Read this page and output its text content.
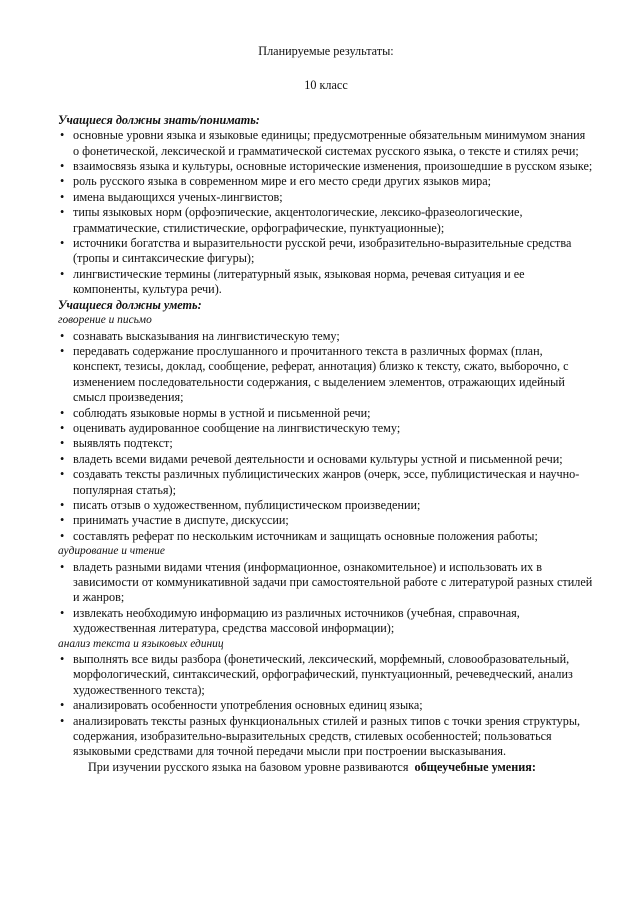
Планируемые результаты:

10 класс

Учащиеся должны знать/понимать:

• основные уровни языка и языковые единицы; предусмотренные обязательным минимумом знания о фонетической, лексической и грамматической системах русского языка, о тексте и стилях речи;
• взаимосвязь языка и культуры, основные исторические изменения, произошедшие в русском языке;
• роль русского языка в современном мире и его место среди других языков мира;
• имена выдающихся ученых-лингвистов;
• типы языковых норм (орфоэпические, акцентологические, лексико-фразеологические, грамматические, стилистические, орфографические, пунктуационные);
• источники богатства и выразительности русской речи, изобразительно-выразительные средства (тропы и синтаксические фигуры);
• лингвистические термины (литературный язык, языковая норма, речевая ситуация и ее компоненты, культура речи).

Учащиеся должны уметь:

говорение и письмо

• сознавать высказывания на лингвистическую тему;
• передавать содержание прослушанного и прочитанного текста в различных формах (план, конспект, тезисы, доклад, сообщение, реферат, аннотация) близко к тексту, сжато, выборочно, с изменением последовательности содержания, с выделением элементов, отражающих идейный смысл произведения;
• соблюдать языковые нормы в устной и письменной речи;
• оценивать аудированное сообщение на лингвистическую тему;
• выявлять подтекст;
• владеть всеми видами речевой деятельности и основами культуры устной и письменной речи;
• создавать тексты различных публицистических жанров (очерк, эссе, публицистическая и научно-популярная статья);
• писать отзыв о художественном, публицистическом произведении;
• принимать участие в диспуте, дискуссии;
• составлять реферат по нескольким источникам и защищать основные положения работы;

аудирование и чтение

• владеть разными видами чтения (информационное, ознакомительное) и использовать их в зависимости от коммуникативной задачи при самостоятельной работе с литературой разных стилей и жанров;
• извлекать необходимую информацию из различных источников (учебная, справочная, художественная литература, средства массовой информации);

анализ текста и языковых единиц

• выполнять все виды разбора (фонетический, лексический, морфемный, словообразовательный, морфологический, синтаксический, орфографический, пунктуационный, речеведческий, анализ художественного текста);
• анализировать особенности употребления основных единиц языка;
• анализировать тексты разных функциональных стилей и разных типов с точки зрения структуры, содержания, изобразительно-выразительных средств, стилевых особенностей; пользоваться языковыми средствами для точной передачи мысли при построении высказывания.

При изучении русского языка на базовом уровне развиваются общеучебные умения:
